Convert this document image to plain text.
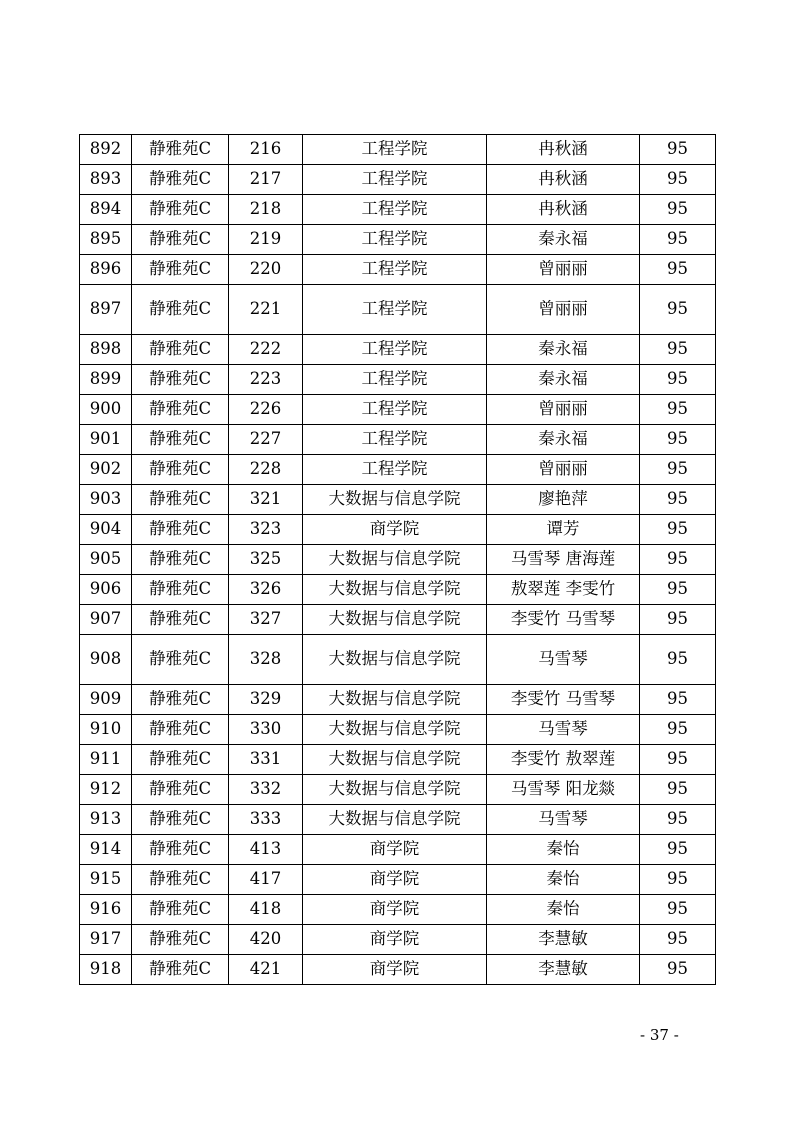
892	静雅苑C	216	工程学院	冉秋涵	95
893	静雅苑C	217	工程学院	冉秋涵	95
894	静雅苑C	218	工程学院	冉秋涵	95
895	静雅苑C	219	工程学院	秦永福	95
896	静雅苑C	220	工程学院	曾丽丽	95
897	静雅苑C	221	工程学院	曾丽丽	95
898	静雅苑C	222	工程学院	秦永福	95
899	静雅苑C	223	工程学院	秦永福	95
900	静雅苑C	226	工程学院	曾丽丽	95
901	静雅苑C	227	工程学院	秦永福	95
902	静雅苑C	228	工程学院	曾丽丽	95
903	静雅苑C	321	大数据与信息学院	廖艳萍	95
904	静雅苑C	323	商学院	谭芳	95
905	静雅苑C	325	大数据与信息学院	马雪琴 唐海莲	95
906	静雅苑C	326	大数据与信息学院	敖翠莲 李雯竹	95
907	静雅苑C	327	大数据与信息学院	李雯竹 马雪琴	95
908	静雅苑C	328	大数据与信息学院	马雪琴	95
909	静雅苑C	329	大数据与信息学院	李雯竹 马雪琴	95
910	静雅苑C	330	大数据与信息学院	马雪琴	95
911	静雅苑C	331	大数据与信息学院	李雯竹 敖翠莲	95
912	静雅苑C	332	大数据与信息学院	马雪琴 阳龙燚	95
913	静雅苑C	333	大数据与信息学院	马雪琴	95
914	静雅苑C	413	商学院	秦怡	95
915	静雅苑C	417	商学院	秦怡	95
916	静雅苑C	418	商学院	秦怡	95
917	静雅苑C	420	商学院	李慧敏	95
918	静雅苑C	421	商学院	李慧敏	95
- 37 -
